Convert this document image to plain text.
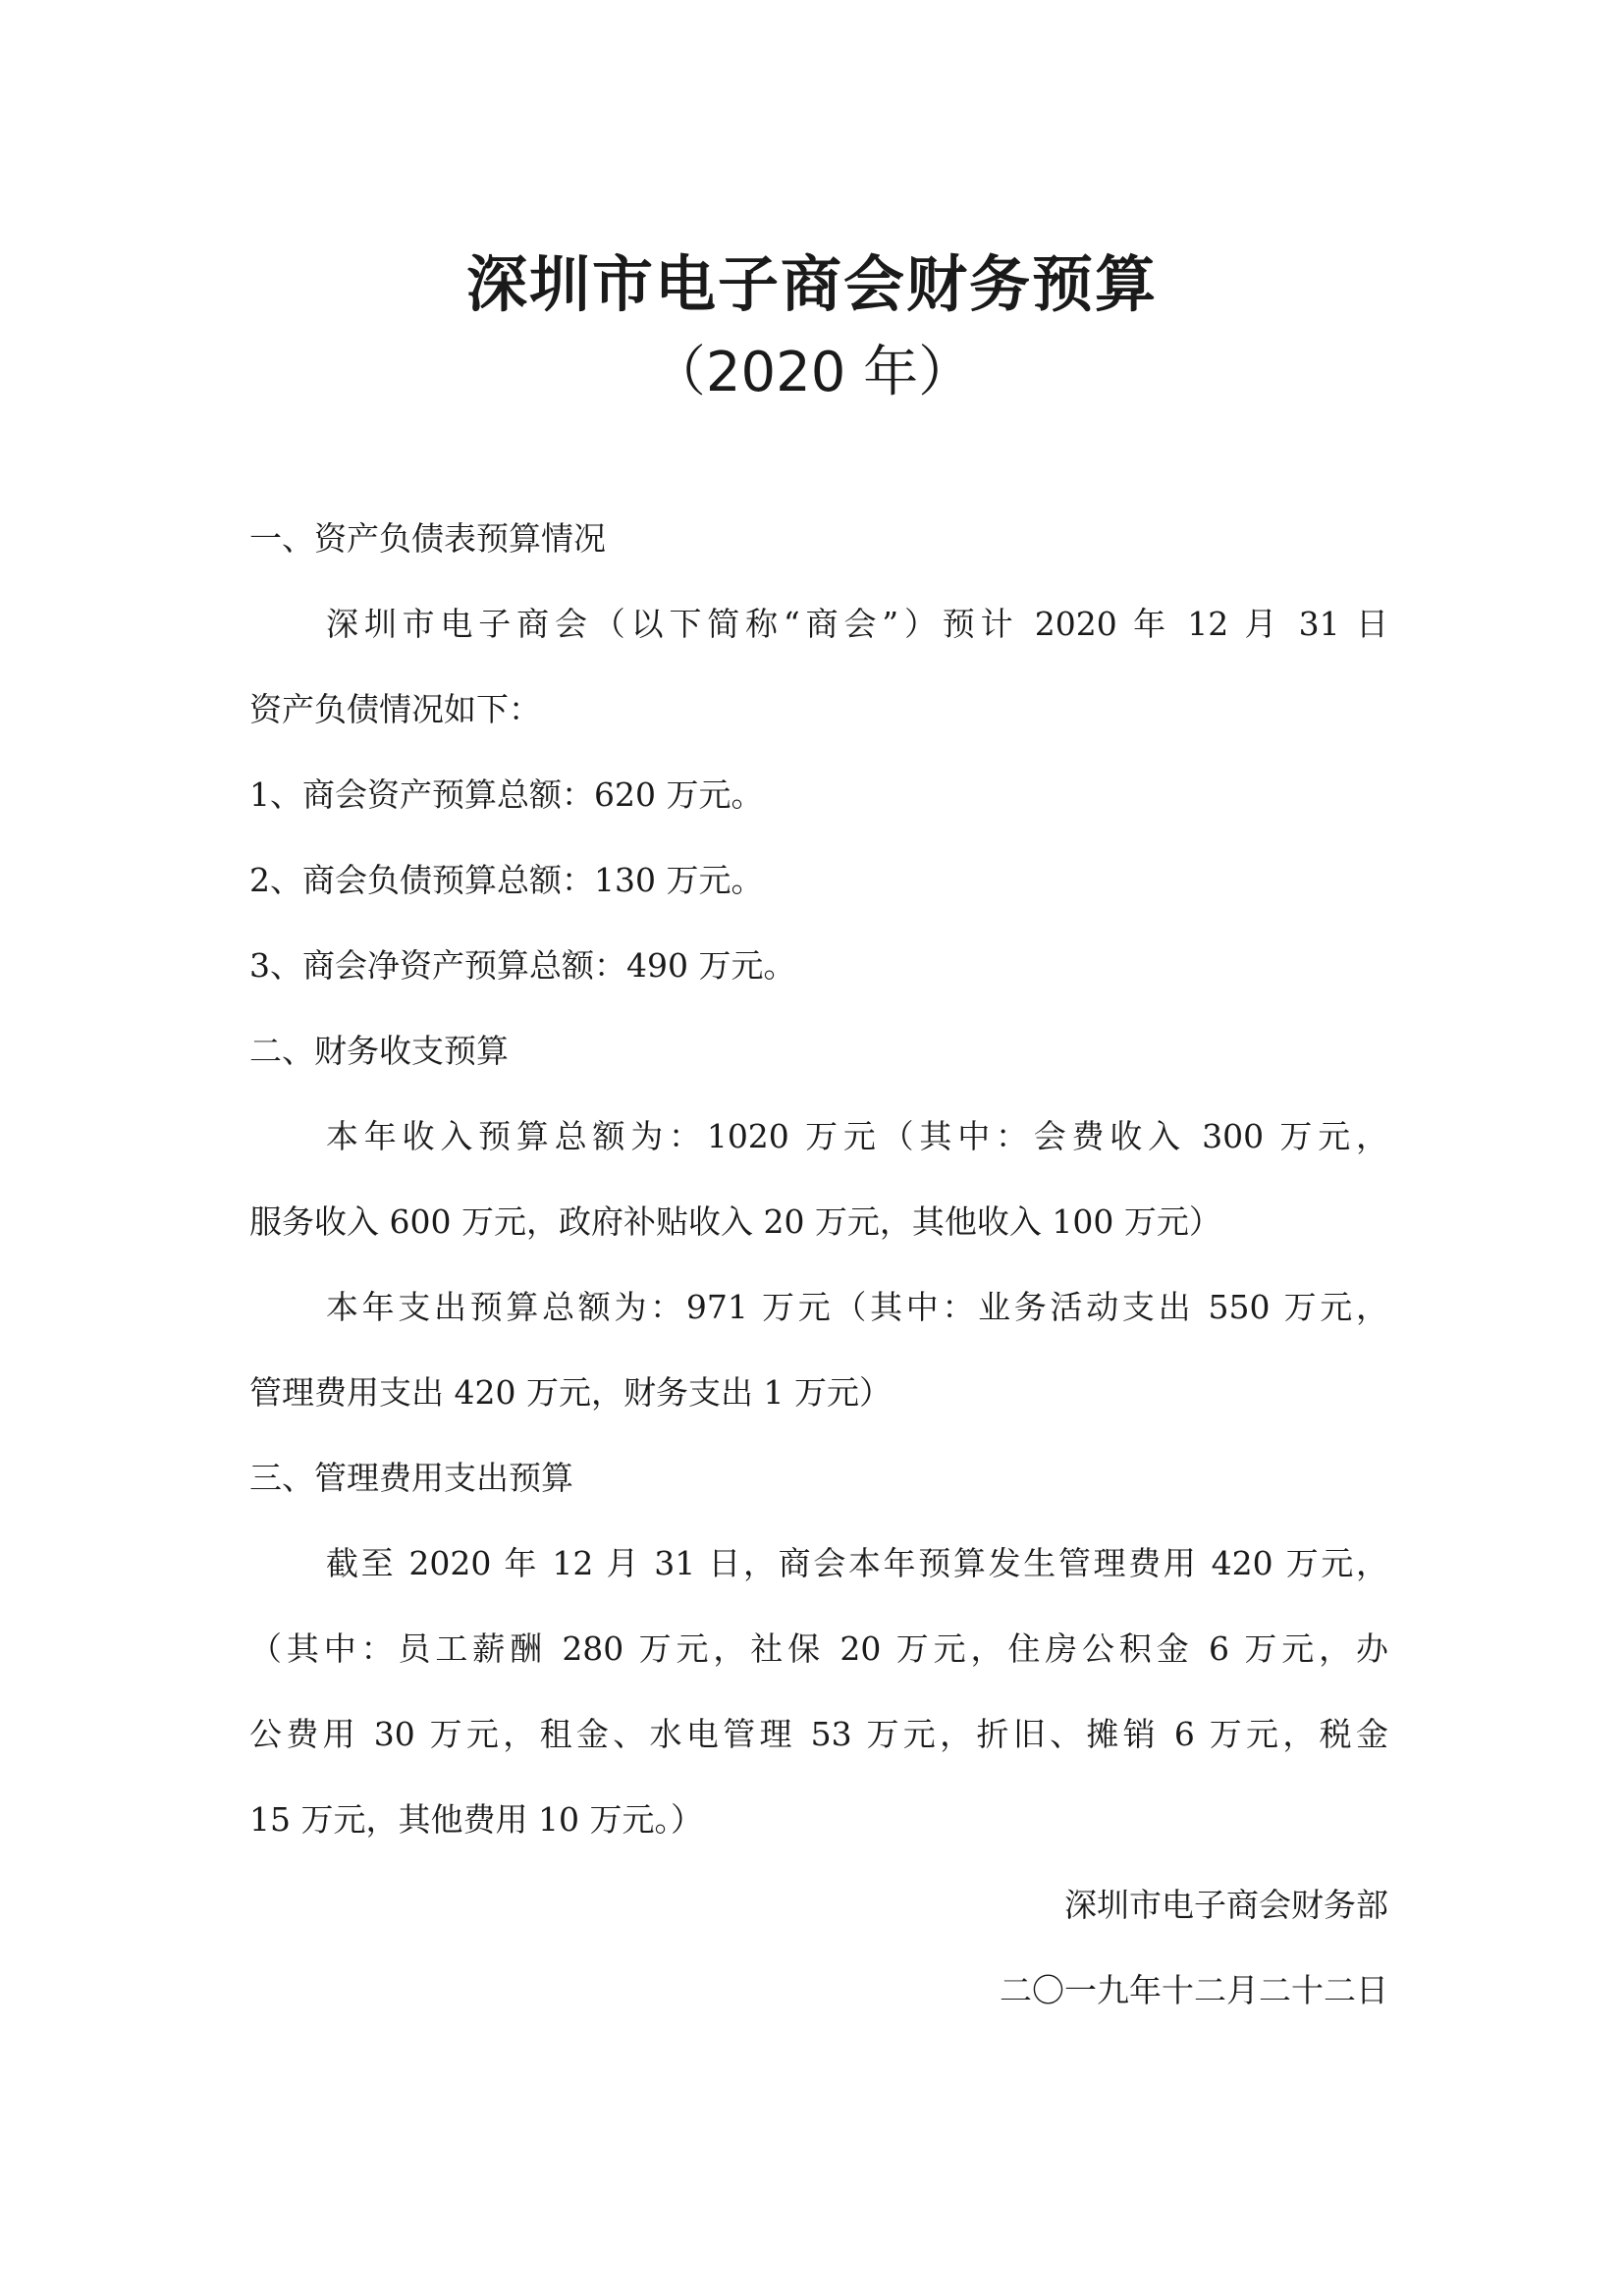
深圳市电子商会财务预算
（2020 年）
一、资产负债表预算情况
深圳市电子商会（以下简称“商会”）预计 2020 年 12 月 31 日
资产负债情况如下：
1、商会资产预算总额：620 万元。
2、商会负债预算总额：130 万元。
3、商会净资产预算总额：490 万元。
二、财务收支预算
本年收入预算总额为：1020 万元（其中：会费收入 300 万元，
服务收入 600 万元，政府补贴收入 20 万元，其他收入 100 万元）
本年支出预算总额为：971 万元（其中：业务活动支出 550 万元，
管理费用支出 420 万元，财务支出 1 万元）
三、管理费用支出预算
截至 2020 年 12 月 31 日，商会本年预算发生管理费用 420 万元，
（其中：员工薪酬 280 万元，社保 20 万元，住房公积金 6 万元，办
公费用 30 万元，租金、水电管理 53 万元，折旧、摊销 6 万元，税金
15 万元，其他费用 10 万元。）
深圳市电子商会财务部
二〇一九年十二月二十二日
